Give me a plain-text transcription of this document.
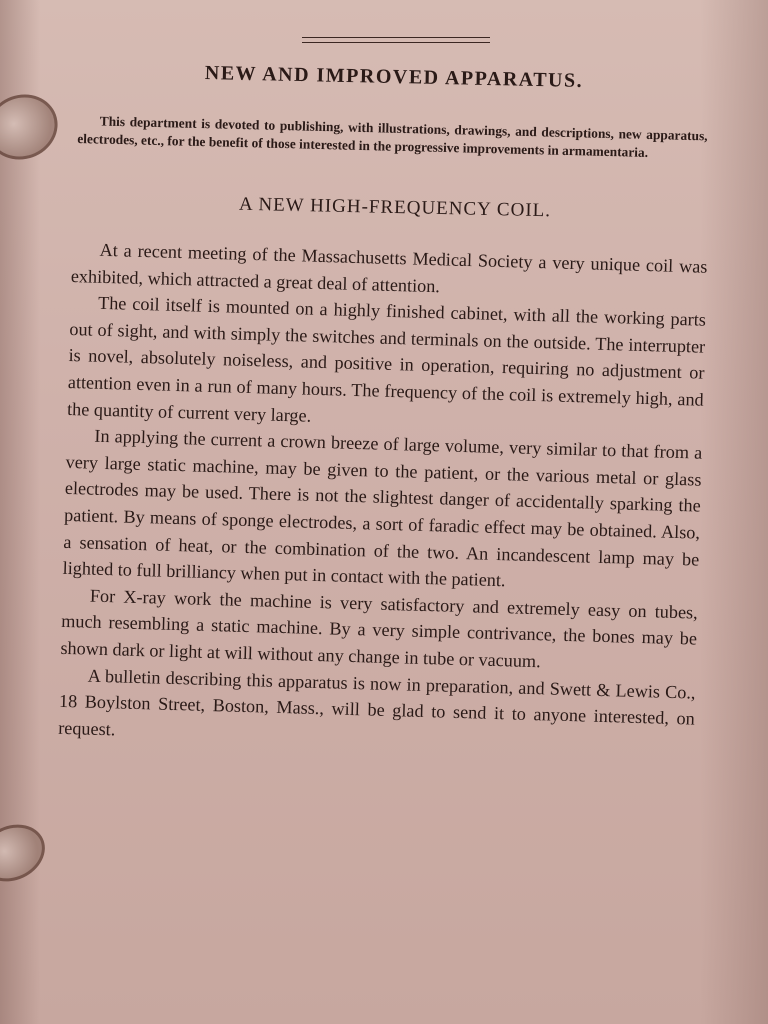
NEW AND IMPROVED APPARATUS.
This department is devoted to publishing, with illustrations, drawings, and descriptions, new apparatus, electrodes, etc., for the benefit of those interested in the progressive improvements in armamentaria.
A NEW HIGH-FREQUENCY COIL.

At a recent meeting of the Massachusetts Medical Society a very unique coil was exhibited, which attracted a great deal of attention.

The coil itself is mounted on a highly finished cabinet, with all the working parts out of sight, and with simply the switches and terminals on the outside. The interrupter is novel, absolutely noiseless, and positive in operation, requiring no adjustment or attention even in a run of many hours. The frequency of the coil is extremely high, and the quantity of current very large.

In applying the current a crown breeze of large volume, very similar to that from a very large static machine, may be given to the patient, or the various metal or glass electrodes may be used. There is not the slightest danger of accidentally sparking the patient. By means of sponge electrodes, a sort of faradic effect may be obtained. Also, a sensation of heat, or the combination of the two. An incandescent lamp may be lighted to full brilliancy when put in contact with the patient.

For X-ray work the machine is very satisfactory and extremely easy on tubes, much resembling a static machine. By a very simple contrivance, the bones may be shown dark or light at will without any change in tube or vacuum.

A bulletin describing this apparatus is now in preparation, and Swett & Lewis Co., 18 Boylston Street, Boston, Mass., will be glad to send it to anyone interested, on request.
